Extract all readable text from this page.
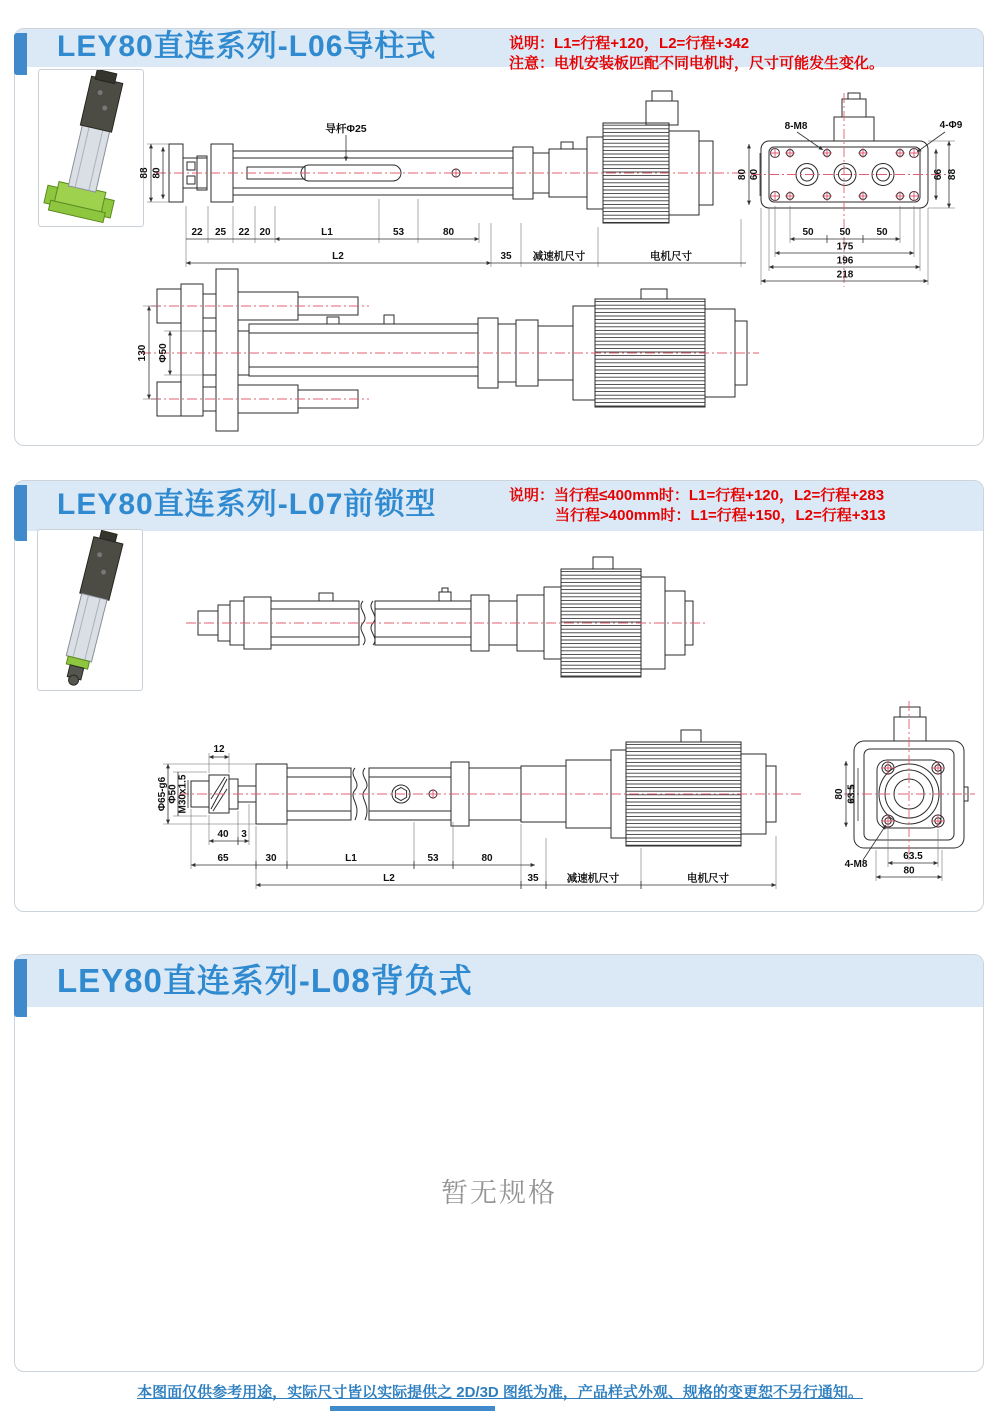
LEY80直连系列-L06导柱式	说明：L1=行程+120，L2=行程+342
注意：电机安装板匹配不同电机时，尺寸可能发生变化。
导杆Φ25
88 80
22 25 22 20	L1	53	80
L2	35 减速机尺寸	电机尺寸
8-M8	4-Φ9
80 60	66 88
50	50	50
175
196
218
130 Φ50
LEY80直连系列-L07前锁型	说明：当行程≤400mm时：L1=行程+120，L2=行程+283
当行程>400mm时：L1=行程+150，L2=行程+313
12
Φ65-g6 Φ50 M30x1.5
40 3
65	30	L1	53	80
L2	35	减速机尺寸	电机尺寸
80 63.5
63.5
80
4-M8
LEY80直连系列-L08背负式
暂无规格
本图面仅供参考用途，实际尺寸皆以实际提供之 2D/3D 图纸为准，产品样式外观、规格的变更恕不另行通知。
